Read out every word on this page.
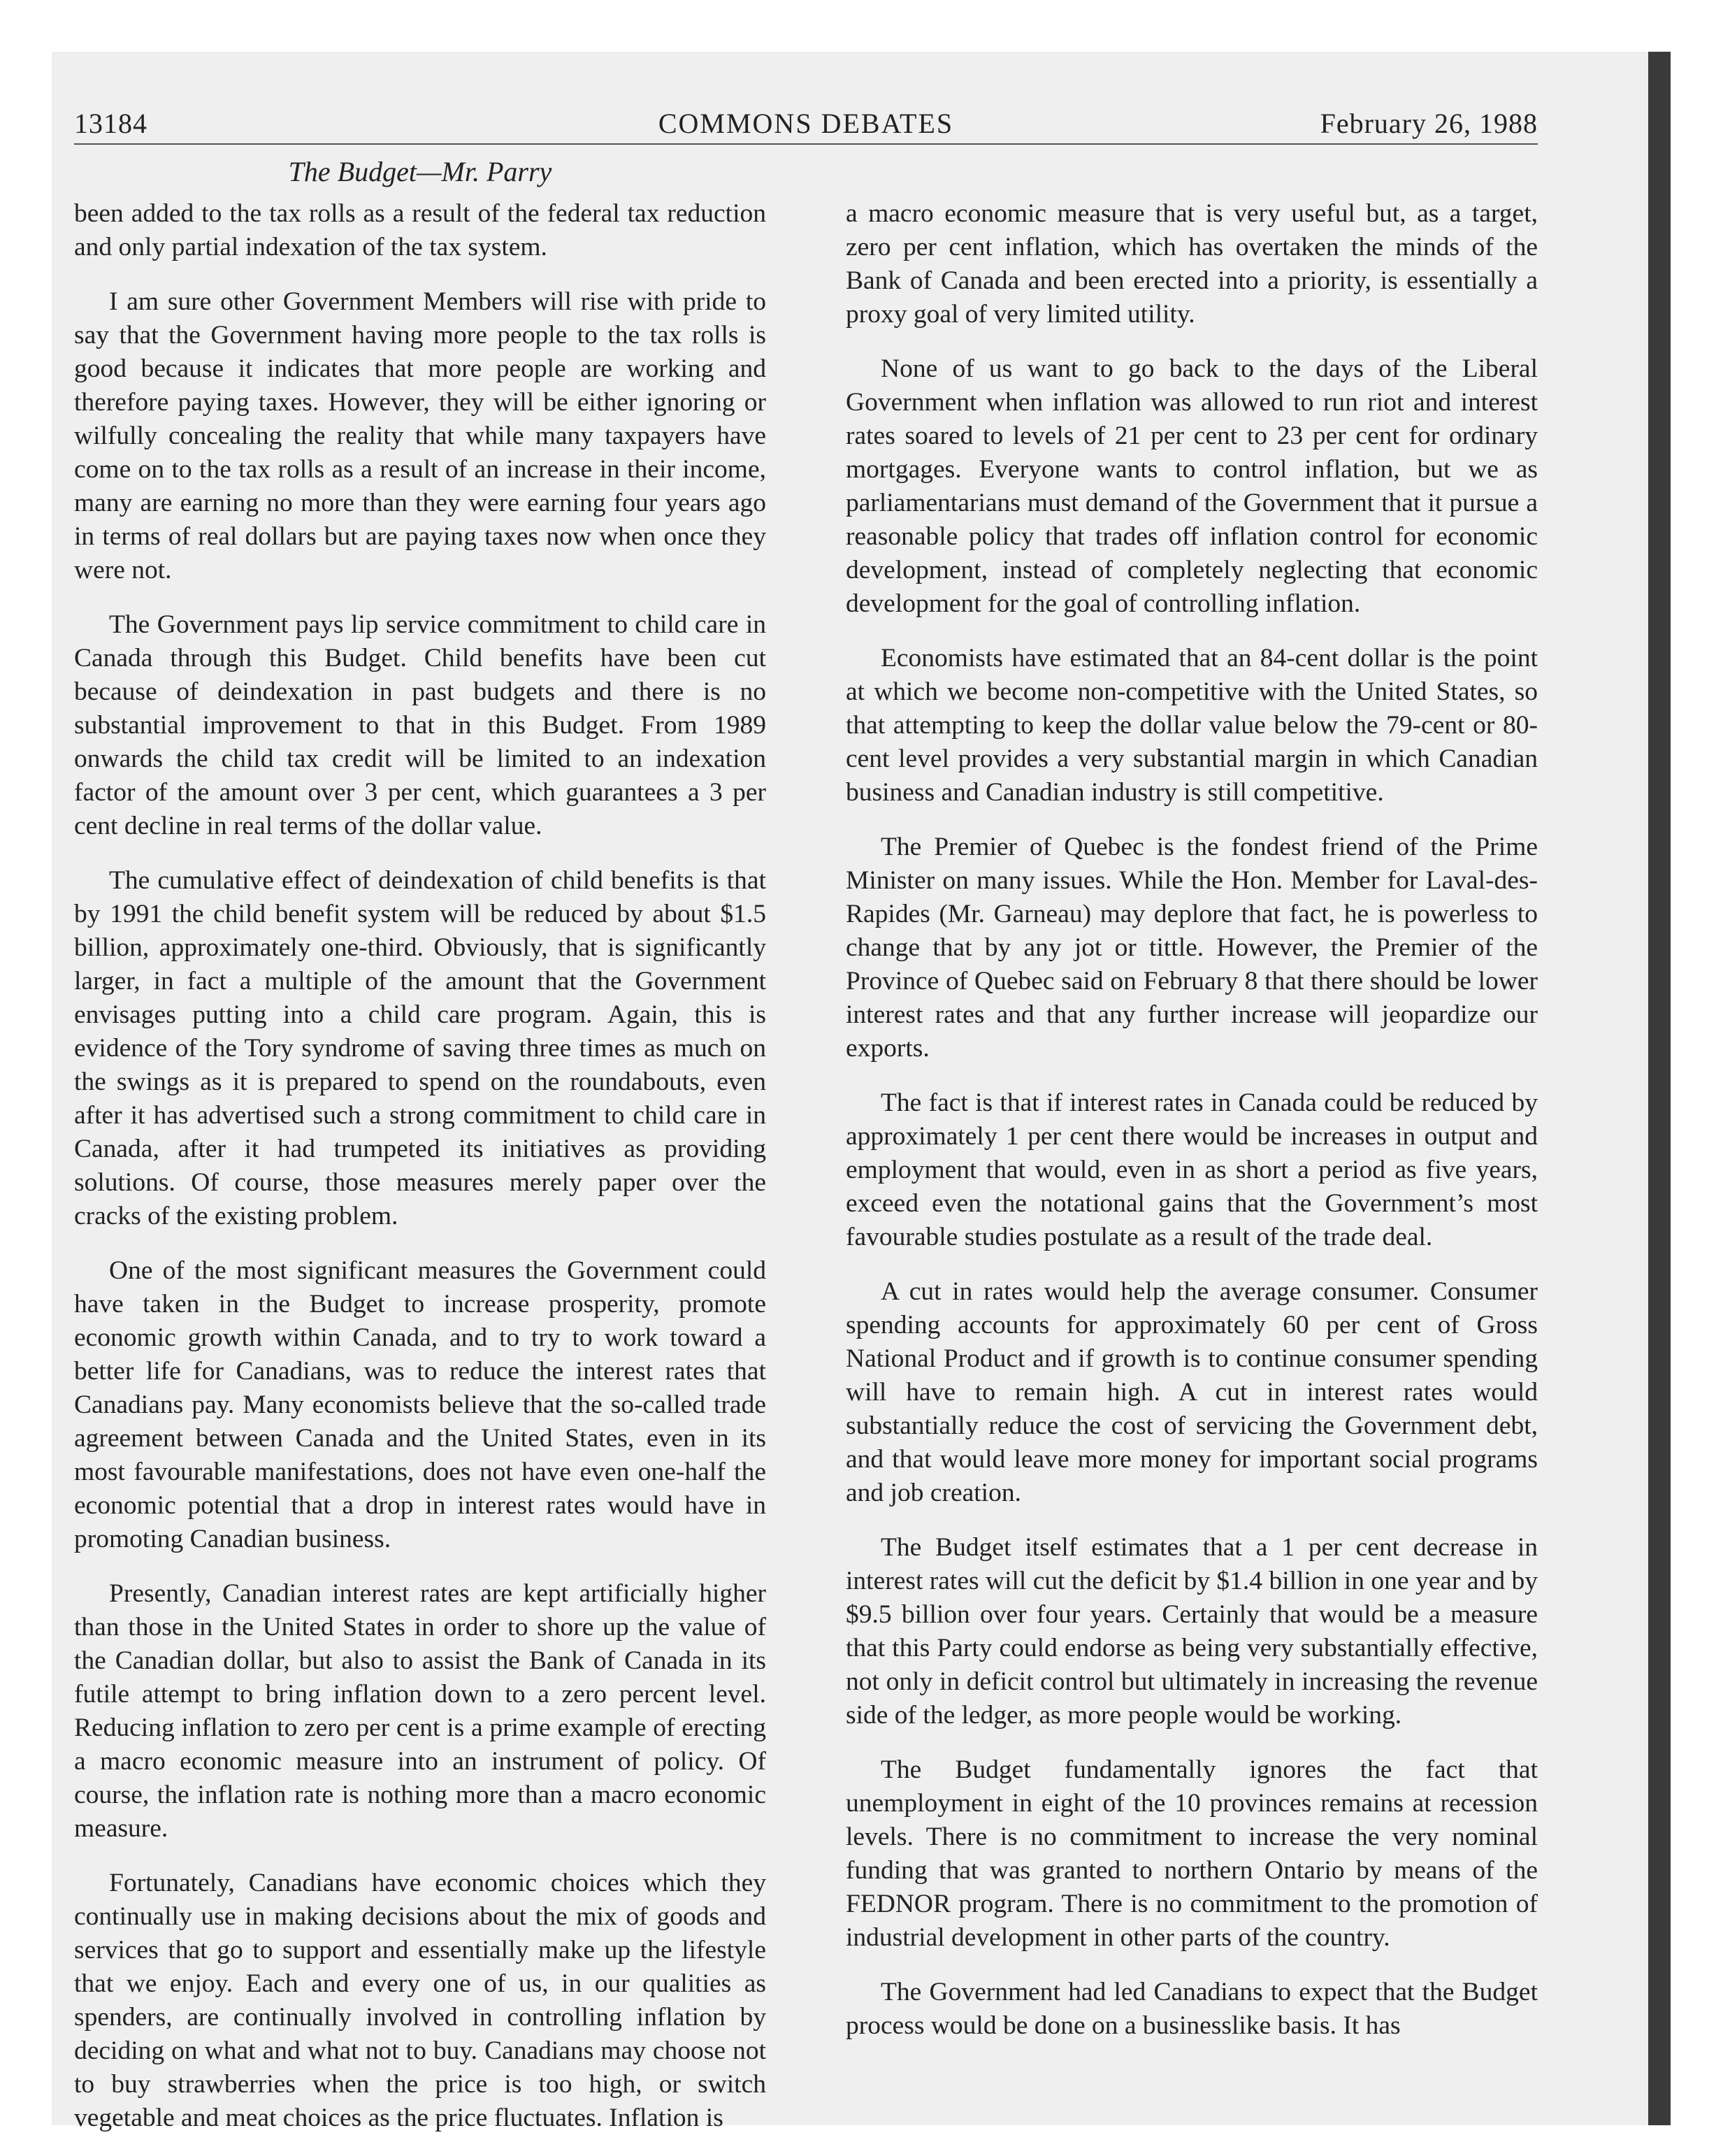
13184	COMMONS DEBATES	February 26, 1988
The Budget—Mr. Parry

been added to the tax rolls as a result of the federal tax reduction and only partial indexation of the tax system.

I am sure other Government Members will rise with pride to say that the Government having more people to the tax rolls is good because it indicates that more people are working and therefore paying taxes. However, they will be either ignoring or wilfully concealing the reality that while many taxpayers have come on to the tax rolls as a result of an increase in their income, many are earning no more than they were earning four years ago in terms of real dollars but are paying taxes now when once they were not.

The Government pays lip service commitment to child care in Canada through this Budget. Child benefits have been cut because of deindexation in past budgets and there is no substantial improvement to that in this Budget. From 1989 onwards the child tax credit will be limited to an indexation factor of the amount over 3 per cent, which guarantees a 3 per cent decline in real terms of the dollar value.

The cumulative effect of deindexation of child benefits is that by 1991 the child benefit system will be reduced by about $1.5 billion, approximately one-third. Obviously, that is significantly larger, in fact a multiple of the amount that the Government envisages putting into a child care program. Again, this is evidence of the Tory syndrome of saving three times as much on the swings as it is prepared to spend on the roundabouts, even after it has advertised such a strong commitment to child care in Canada, after it had trumpeted its initiatives as providing solutions. Of course, those measures merely paper over the cracks of the existing problem.

One of the most significant measures the Government could have taken in the Budget to increase prosperity, promote economic growth within Canada, and to try to work toward a better life for Canadians, was to reduce the interest rates that Canadians pay. Many economists believe that the so-called trade agreement between Canada and the United States, even in its most favourable manifestations, does not have even one-half the economic potential that a drop in interest rates would have in promoting Canadian business.

Presently, Canadian interest rates are kept artificially higher than those in the United States in order to shore up the value of the Canadian dollar, but also to assist the Bank of Canada in its futile attempt to bring inflation down to a zero percent level. Reducing inflation to zero per cent is a prime example of erecting a macro economic measure into an instrument of policy. Of course, the inflation rate is nothing more than a macro economic measure.

Fortunately, Canadians have economic choices which they continually use in making decisions about the mix of goods and services that go to support and essentially make up the lifestyle that we enjoy. Each and every one of us, in our qualities as spenders, are continually involved in controlling inflation by deciding on what and what not to buy. Canadians may choose not to buy strawberries when the price is too high, or switch vegetable and meat choices as the price fluctuates. Inflation is

a macro economic measure that is very useful but, as a target, zero per cent inflation, which has overtaken the minds of the Bank of Canada and been erected into a priority, is essentially a proxy goal of very limited utility.

None of us want to go back to the days of the Liberal Government when inflation was allowed to run riot and interest rates soared to levels of 21 per cent to 23 per cent for ordinary mortgages. Everyone wants to control inflation, but we as parliamentarians must demand of the Government that it pursue a reasonable policy that trades off inflation control for economic development, instead of completely neglecting that economic development for the goal of controlling inflation.

Economists have estimated that an 84-cent dollar is the point at which we become non-competitive with the United States, so that attempting to keep the dollar value below the 79-cent or 80-cent level provides a very substantial margin in which Canadian business and Canadian industry is still competitive.

The Premier of Quebec is the fondest friend of the Prime Minister on many issues. While the Hon. Member for Laval-des-Rapides (Mr. Garneau) may deplore that fact, he is powerless to change that by any jot or tittle. However, the Premier of the Province of Quebec said on February 8 that there should be lower interest rates and that any further increase will jeopardize our exports.

The fact is that if interest rates in Canada could be reduced by approximately 1 per cent there would be increases in output and employment that would, even in as short a period as five years, exceed even the notational gains that the Government’s most favourable studies postulate as a result of the trade deal.

A cut in rates would help the average consumer. Consumer spending accounts for approximately 60 per cent of Gross National Product and if growth is to continue consumer spending will have to remain high. A cut in interest rates would substantially reduce the cost of servicing the Government debt, and that would leave more money for important social programs and job creation.

The Budget itself estimates that a 1 per cent decrease in interest rates will cut the deficit by $1.4 billion in one year and by $9.5 billion over four years. Certainly that would be a measure that this Party could endorse as being very substantially effective, not only in deficit control but ultimately in increasing the revenue side of the ledger, as more people would be working.

The Budget fundamentally ignores the fact that unemployment in eight of the 10 provinces remains at recession levels. There is no commitment to increase the very nominal funding that was granted to northern Ontario by means of the FEDNOR program. There is no commitment to the promotion of industrial development in other parts of the country.

The Government had led Canadians to expect that the Budget process would be done on a businesslike basis. It has
